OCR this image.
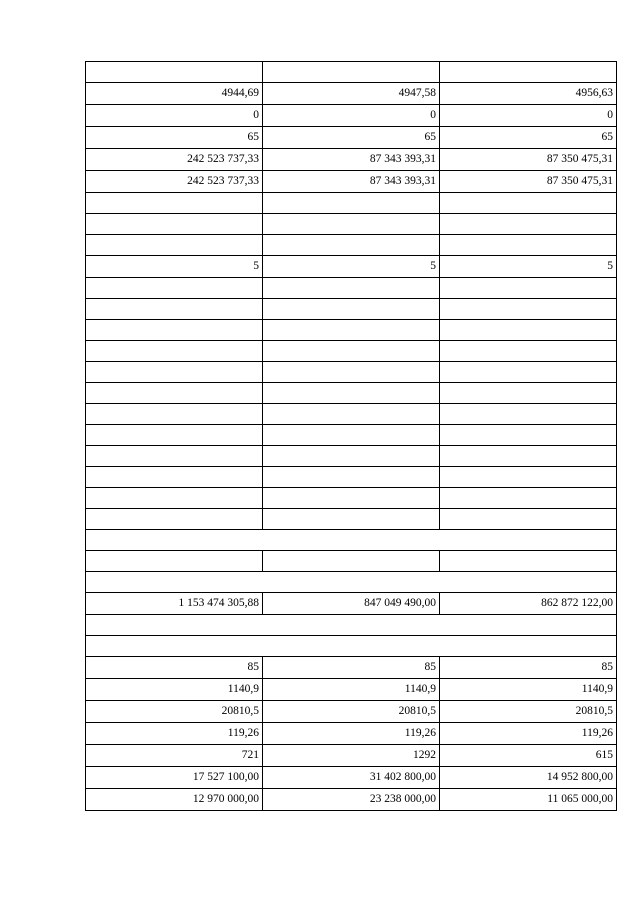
4944,69	4947,58	4956,63
0	0	0
65	65	65
242 523 737,33	87 343 393,31	87 350 475,31
242 523 737,33	87 343 393,31	87 350 475,31

5	5	5

1 153 474 305,88	847 049 490,00	862 872 122,00

85	85	85
1140,9	1140,9	1140,9
20810,5	20810,5	20810,5
119,26	119,26	119,26
721	1292	615
17 527 100,00	31 402 800,00	14 952 800,00
12 970 000,00	23 238 000,00	11 065 000,00
